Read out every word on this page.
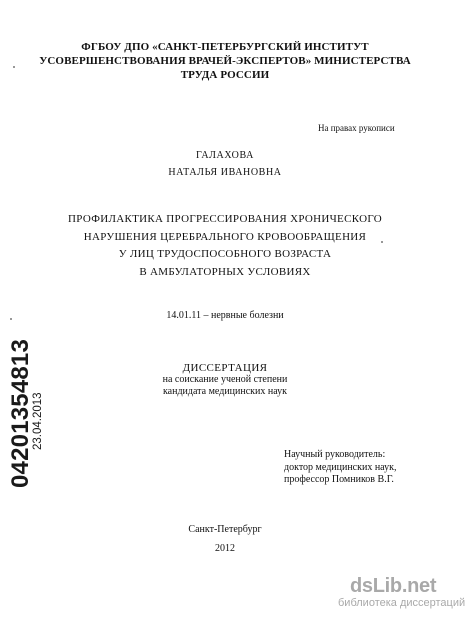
ФГБОУ ДПО «САНКТ-ПЕТЕРБУРГСКИЙ ИНСТИТУТ
УСОВЕРШЕНСТВОВАНИЯ ВРАЧЕЙ-ЭКСПЕРТОВ» МИНИСТЕРСТВА
ТРУДА РОССИИ
На правах рукописи
ГАЛАХОВА
НАТАЛЬЯ ИВАНОВНА
ПРОФИЛАКТИКА ПРОГРЕССИРОВАНИЯ ХРОНИЧЕСКОГО
НАРУШЕНИЯ ЦЕРЕБРАЛЬНОГО КРОВООБРАЩЕНИЯ
У ЛИЦ ТРУДОСПОСОБНОГО ВОЗРАСТА
В АМБУЛАТОРНЫХ УСЛОВИЯХ
14.01.11 – нервные болезни
ДИССЕРТАЦИЯ
на соискание ученой степени
кандидата медицинских наук
Научный руководитель:
доктор медицинских наук,
профессор Помников В.Г.
Санкт-Петербург
2012
04201354813
23.04.2013
dsLib.net
библиотека диссертаций
